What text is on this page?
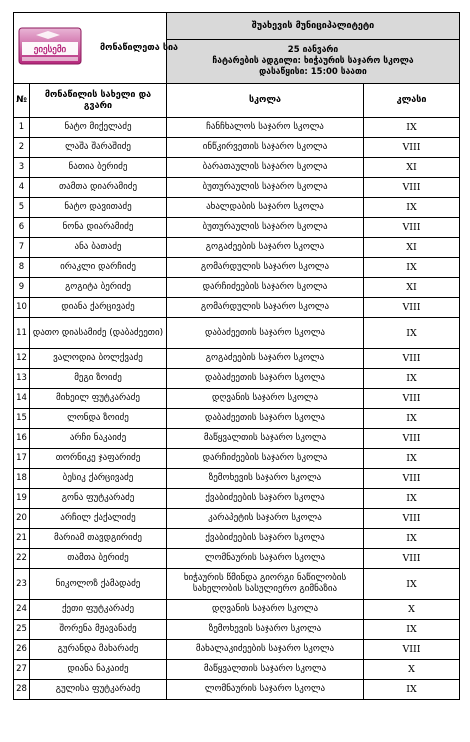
ეიესემი მონაწილეთა სია		შუახევის მუნიციპალიტეტი	

		25 იანვარი
ჩატარების ადგილი: ხიჭაურის საჯარო სკოლა
დასაწყისი: 15:00 საათი	

№	მონაწილის სახელი და გვარი	სკოლა	კლასი
1	ნატო მიქელაძე	ჩანჩხალოს საჯარო სკოლა	IX
2	ლაშა შარაშიძე	ინწკირვეთის საჯარო სკოლა	VIII
3	ნათია ბერიძე	ბარათაულის საჯარო სკოლა	XI
4	თამთა დიარამიძე	ბუთურაულის საჯარო სკოლა	VIII
5	ნატო დავითაძე	ახალდაბის საჯარო სკოლა	IX
6	ნონა დიარამიძე	ბუთურაულის საჯარო სკოლა	VIII
7	ანა ბათაძე	გოგაძეების საჯარო სკოლა	XI
8	ირაკლი დარჩიძე	გომარდულის საჯარო სკოლა	IX
9	გოგიტა ბერიძე	დარჩიძეების საჯარო სკოლა	XI
10	დიანა ქარცივაძე	გომარდულის საჯარო სკოლა	VIII
11	დათო დიასამიძე (დაბაძეეთი)	დაბაძეეთის საჯარო სკოლა	IX
12	ვალოდია ბოლქვაძე	გოგაძეების საჯარო სკოლა	VIII
13	მეგი ზოიძე	დაბაძეეთის საჯარო სკოლა	IX
14	მიხეილ ფუტკარაძე	დღვანის საჯარო სკოლა	VIII
15	ლონდა ზოიძე	დაბაძეეთის საჯარო სკოლა	IX
16	არჩი ნაკაიძე	მაწყვალთის საჯარო სკოლა	VIII
17	თორნიკე ჯაფარიძე	დარჩიძეების საჯარო სკოლა	IX
18	ბესიკ ქარცივაძე	ზემოხევის საჯარო სკოლა	VIII
19	გონა ფუტკარაძე	ქვაბიძეების საჯარო სკოლა	IX
20	არჩილ ქაქალიძე	კარაპეტის საჯარო სკოლა	VIII
21	მარიამ თავდგირიძე	ქვაბიძეების საჯარო სკოლა	IX
22	თამთა ბერიძე	ლომნაურის საჯარო სკოლა	VIII
23	ნიკოლოზ ქამადაძე	ხიჭაურის წმინდა გიორგი ნაწილობის სახელობის სასულიერო გიმნაზია	IX
24	ქეთი ფუტკარაძე	დღვანის საჯარო სკოლა	X
25	შორენა მჟავანაძე	ზემოხევის საჯარო სკოლა	IX
26	გურანდა მახარაძე	მახალაკიძეების საჯარო სკოლა	VIII
27	დიანა ნაკაიძე	მაწყვალთის საჯარო სკოლა	X
28	გულისა ფუტკარაძე	ლომნაურის საჯარო სკოლა	IX
